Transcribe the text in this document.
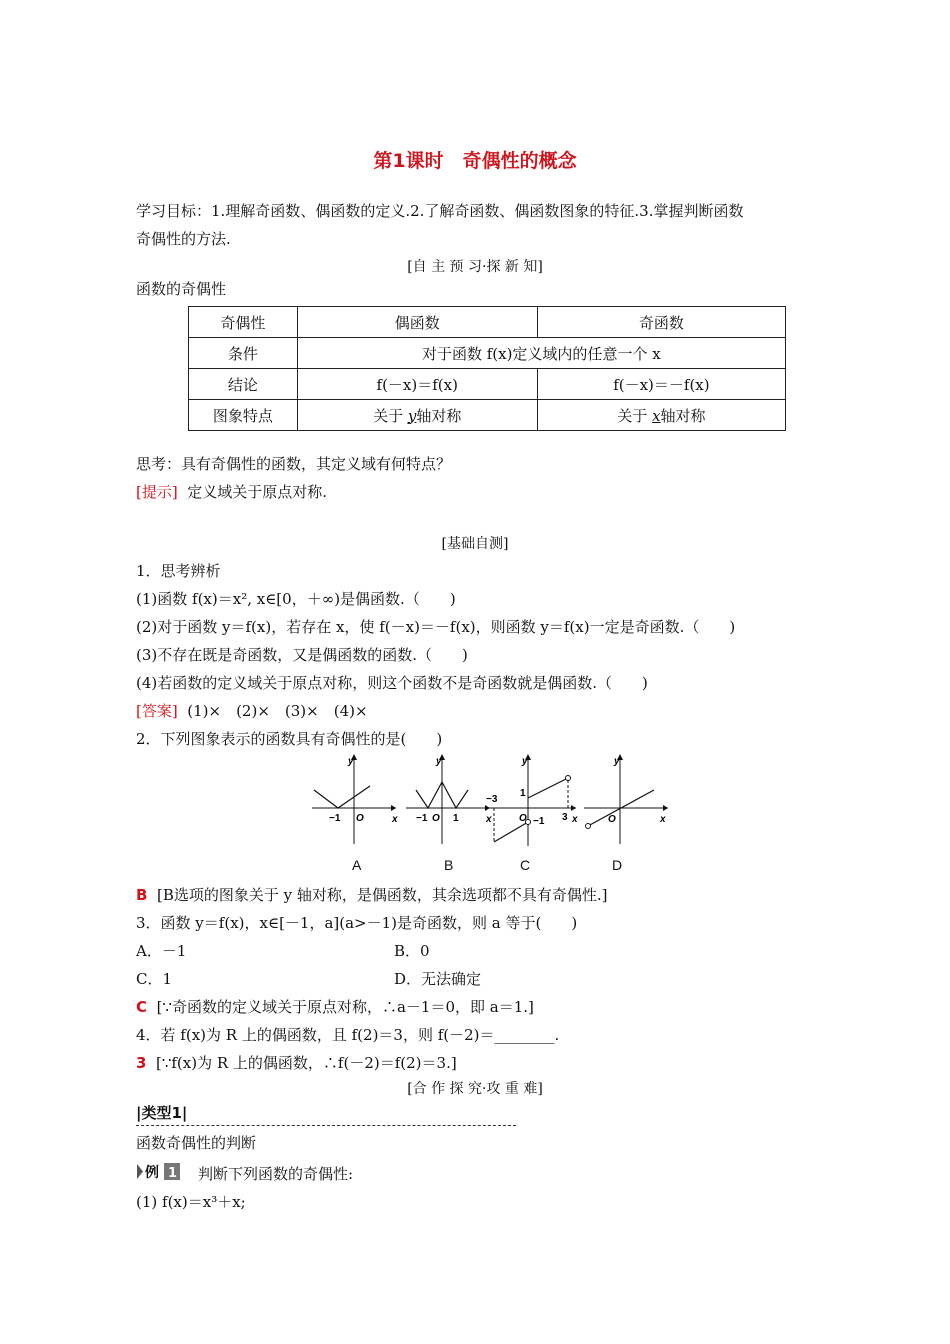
第1课时　奇偶性的概念
学习目标：1.理解奇函数、偶函数的定义.2.了解奇函数、偶函数图象的特征.3.掌握判断函数
奇偶性的方法.
[自 主 预 习·探 新 知]
函数的奇偶性
奇偶性	偶函数	奇函数
条件	对于函数 f(x)定义域内的任意一个 x	
结论	f(－x)＝f(x)	f(－x)＝－f(x)
图象特点	关于 y轴对称	关于 x轴对称
思考：具有奇偶性的函数，其定义域有何特点？
[提示] 定义域关于原点对称.
[基础自测]
1．思考辨析
(1)函数 f(x)＝x², x∈[0，＋∞)是偶函数.（　　)
(2)对于函数 y＝f(x)，若存在 x，使 f(－x)＝－f(x)，则函数 y＝f(x)一定是奇函数.（　　)
(3)不存在既是奇函数，又是偶函数的函数.（　　)
(4)若函数的定义域关于原点对称，则这个函数不是奇函数就是偶函数.（　　)
[答案] (1)×　(2)×　(3)×　(4)×
2．下列图象表示的函数具有奇偶性的是(　　)
y
x
O
−1
y
x
−1 O 1
y
x
−3
1
O −1 3
y
x
O
A	B	C	D
B [B选项的图象关于 y 轴对称，是偶函数，其余选项都不具有奇偶性.]
3．函数 y＝f(x)，x∈[－1，a](a>－1)是奇函数，则 a 等于(　　)
A．－1	B．0
C．1	D．无法确定
C [∵奇函数的定义域关于原点对称，∴a－1＝0，即 a＝1.]
4．若 f(x)为 R 上的偶函数，且 f(2)＝3，则 f(－2)＝________.
3 [∵f(x)为 R 上的偶函数，∴f(－2)＝f(2)＝3.]
[合 作 探 究·攻 重 难]
|类型1|
函数奇偶性的判断
例 1 判断下列函数的奇偶性:
(1) f(x)＝x³＋x;
